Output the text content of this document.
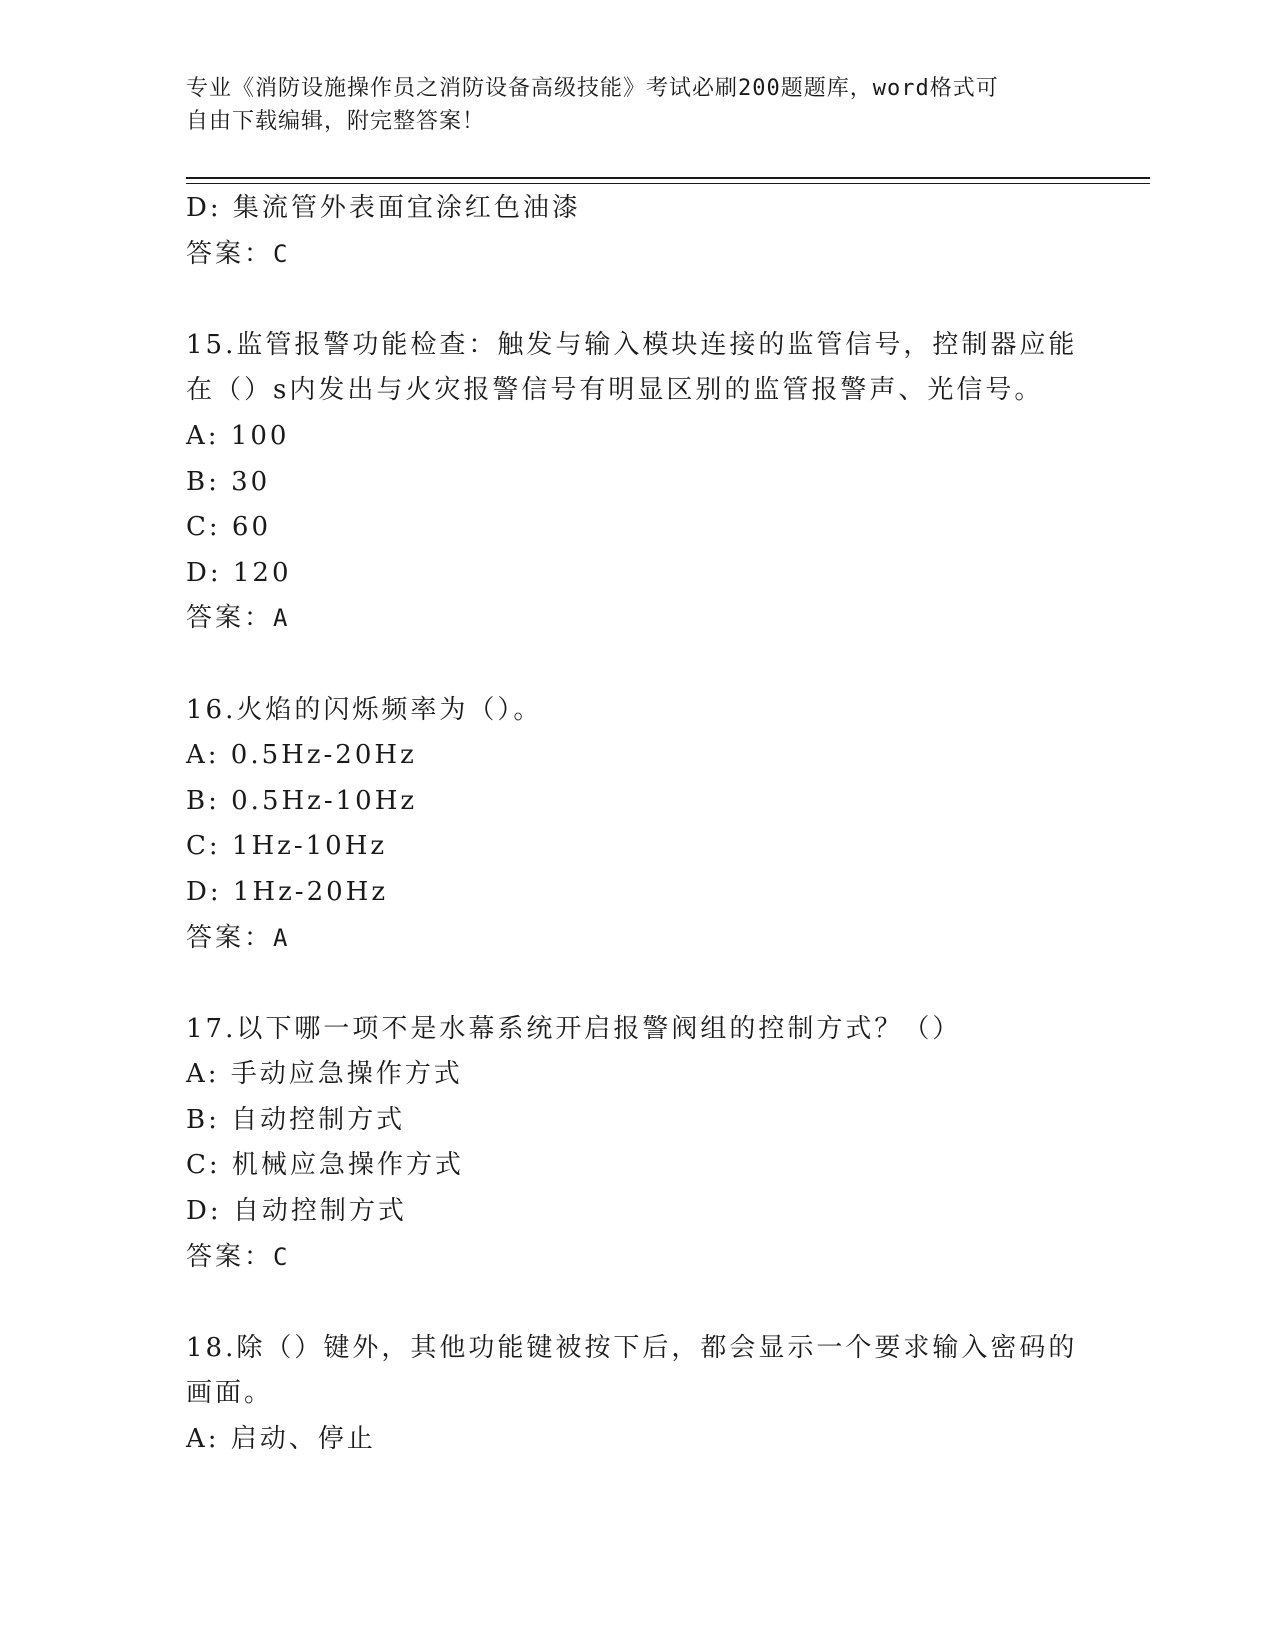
专业《消防设施操作员之消防设备高级技能》考试必刷200题题库，word格式可
自由下载编辑，附完整答案！
D: 集流管外表面宜涂红色油漆
答案：C
15.监管报警功能检查：触发与输入模块连接的监管信号，控制器应能
在（）s内发出与火灾报警信号有明显区别的监管报警声、光信号。
A: 100
B: 30
C: 60
D: 120
答案：A
16.火焰的闪烁频率为（）。
A: 0.5Hz-20Hz
B: 0.5Hz-10Hz
C: 1Hz-10Hz
D: 1Hz-20Hz
答案：A
17.以下哪一项不是水幕系统开启报警阀组的控制方式？（）
A: 手动应急操作方式
B: 自动控制方式
C: 机械应急操作方式
D: 自动控制方式
答案：C
18.除（）键外，其他功能键被按下后，都会显示一个要求输入密码的
画面。
A: 启动、停止
